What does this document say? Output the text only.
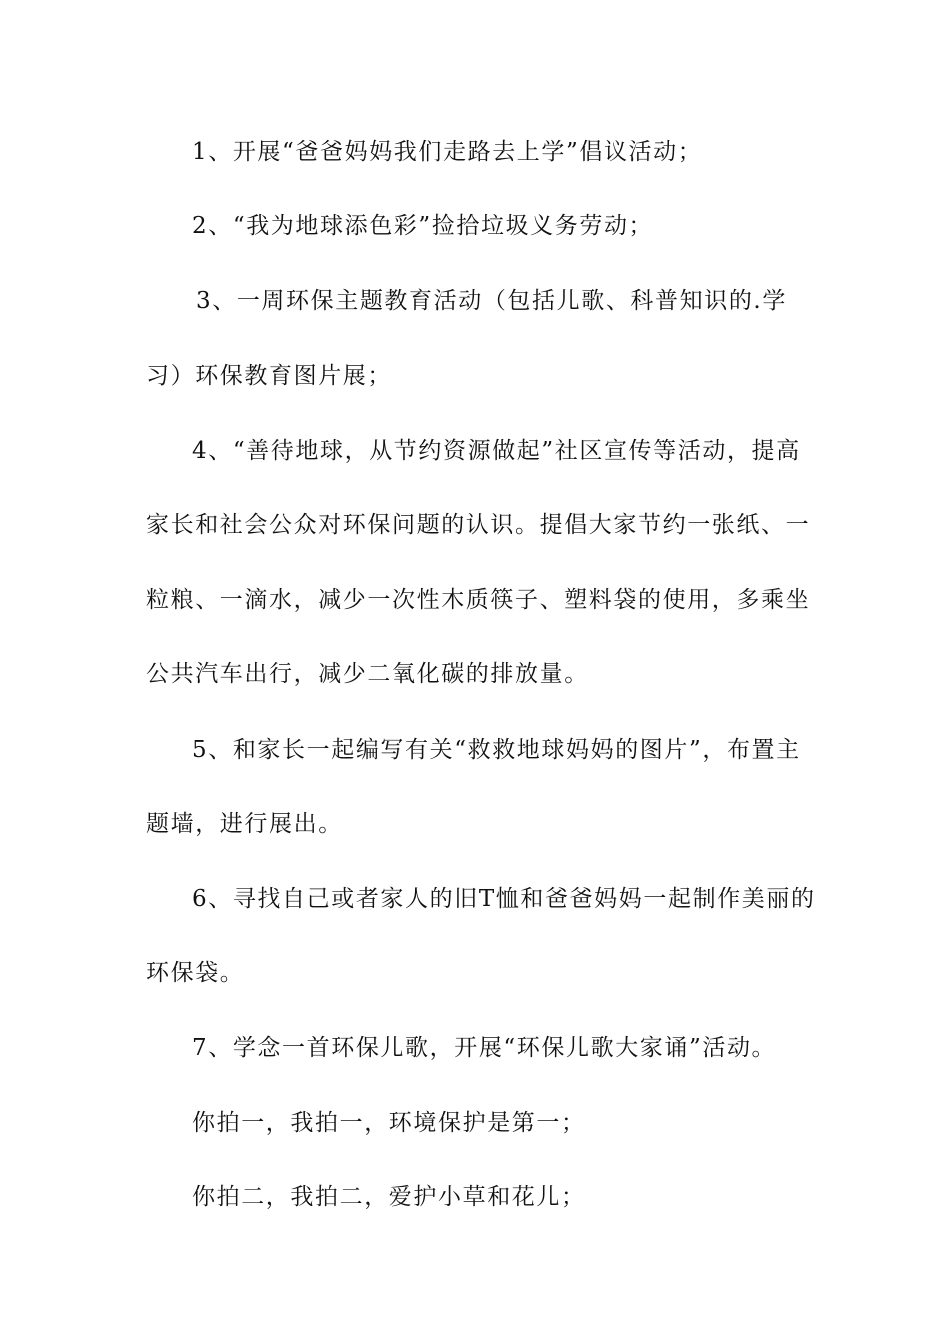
1、开展“爸爸妈妈我们走路去上学”倡议活动；
2、“我为地球添色彩”捡拾垃圾义务劳动；
3、一周环保主题教育活动（包括儿歌、科普知识的.学
习）环保教育图片展；
4、“善待地球，从节约资源做起”社区宣传等活动，提高
家长和社会公众对环保问题的认识。提倡大家节约一张纸、一
粒粮、一滴水，减少一次性木质筷子、塑料袋的使用，多乘坐
公共汽车出行，减少二氧化碳的排放量。
5、和家长一起编写有关“救救地球妈妈的图片”，布置主
题墙，进行展出。
6、寻找自己或者家人的旧T恤和爸爸妈妈一起制作美丽的
环保袋。
7、学念一首环保儿歌，开展“环保儿歌大家诵”活动。
你拍一，我拍一，环境保护是第一；
你拍二，我拍二，爱护小草和花儿；
